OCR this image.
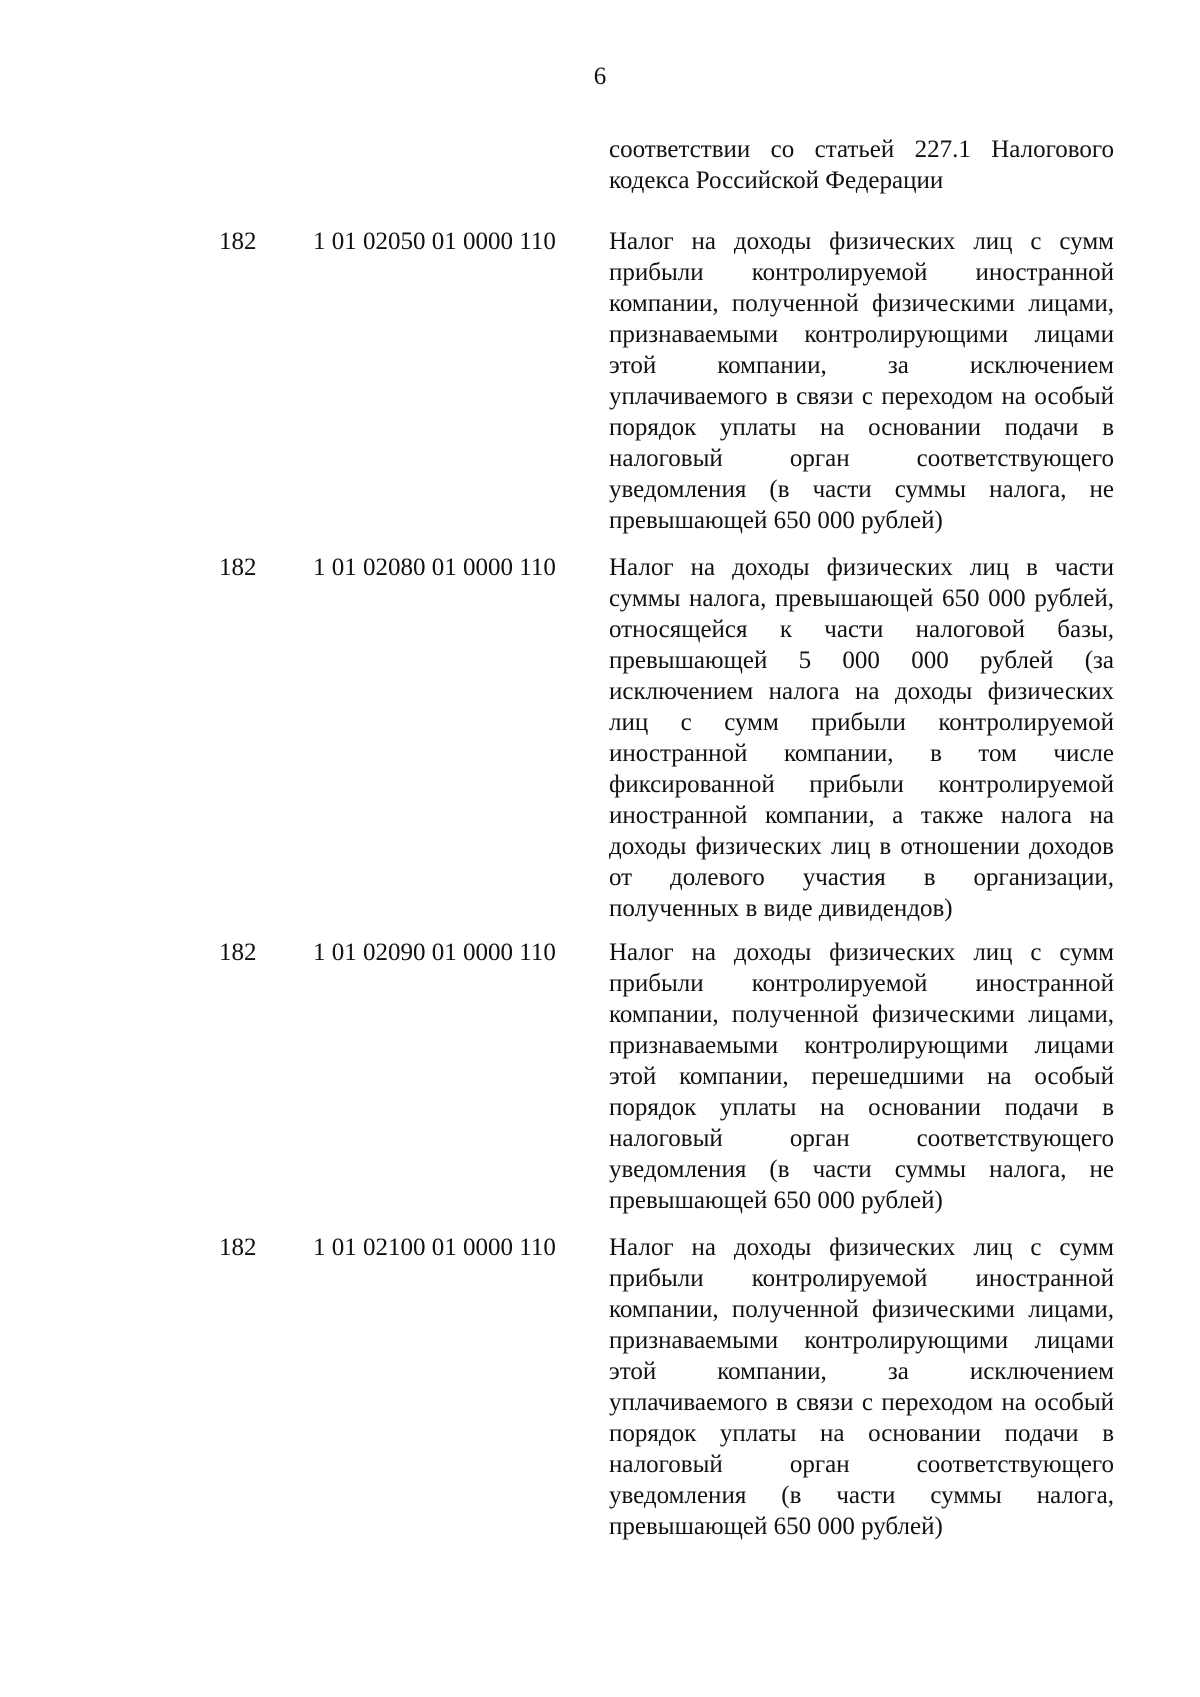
6
соответствии со статьей 227.1 Налогового кодекса Российской Федерации
182 1 01 02050 01 0000 110 Налог на доходы физических лиц с сумм прибыли контролируемой иностранной компании, полученной физическими лицами, признаваемыми контролирующими лицами этой компании, за исключением уплачиваемого в связи с переходом на особый порядок уплаты на основании подачи в налоговый орган соответствующего уведомления (в части суммы налога, не превышающей 650 000 рублей)
182 1 01 02080 01 0000 110 Налог на доходы физических лиц в части суммы налога, превышающей 650 000 рублей, относящейся к части налоговой базы, превышающей 5 000 000 рублей (за исключением налога на доходы физических лиц с сумм прибыли контролируемой иностранной компании, в том числе фиксированной прибыли контролируемой иностранной компании, а также налога на доходы физических лиц в отношении доходов от долевого участия в организации, полученных в виде дивидендов)
182 1 01 02090 01 0000 110 Налог на доходы физических лиц с сумм прибыли контролируемой иностранной компании, полученной физическими лицами, признаваемыми контролирующими лицами этой компании, перешедшими на особый порядок уплаты на основании подачи в налоговый орган соответствующего уведомления (в части суммы налога, не превышающей 650 000 рублей)
182 1 01 02100 01 0000 110 Налог на доходы физических лиц с сумм прибыли контролируемой иностранной компании, полученной физическими лицами, признаваемыми контролирующими лицами этой компании, за исключением уплачиваемого в связи с переходом на особый порядок уплаты на основании подачи в налоговый орган соответствующего уведомления (в части суммы налога, превышающей 650 000 рублей)
